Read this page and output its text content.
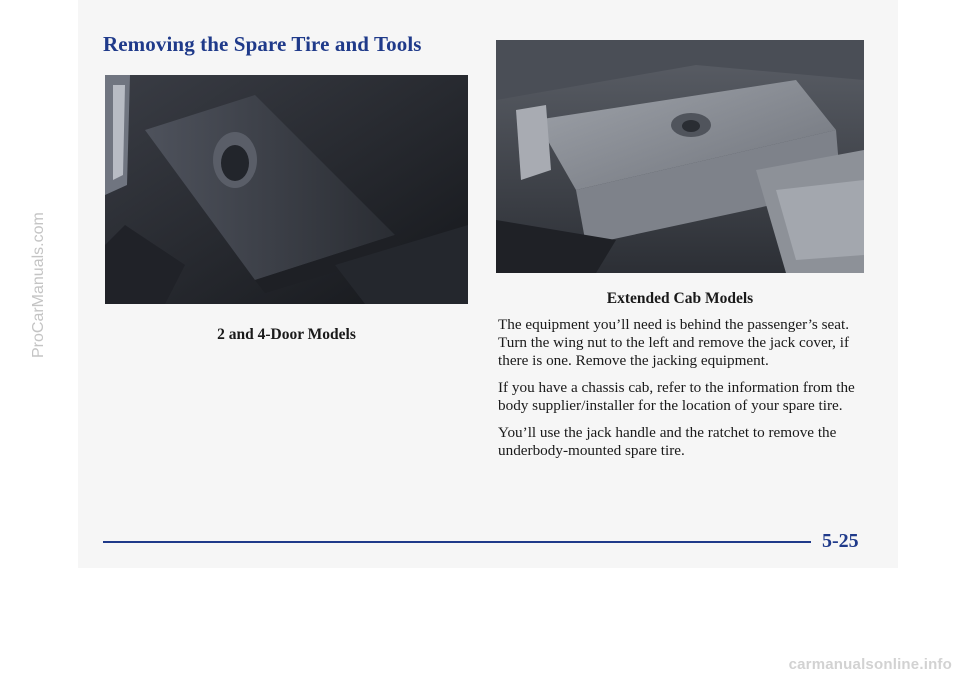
Removing the Spare Tire and Tools

Extended Cab Models

2 and 4-Door Models

The equipment you’ll need is behind the passenger’s seat. Turn the wing nut to the left and remove the jack cover, if there is one. Remove the jacking equipment.

If you have a chassis cab, refer to the information from the body supplier/installer for the location of your spare tire.

You’ll use the jack handle and the ratchet to remove the underbody-mounted spare tire.

5-25

ProCarManuals.com

carmanualsonline.info
